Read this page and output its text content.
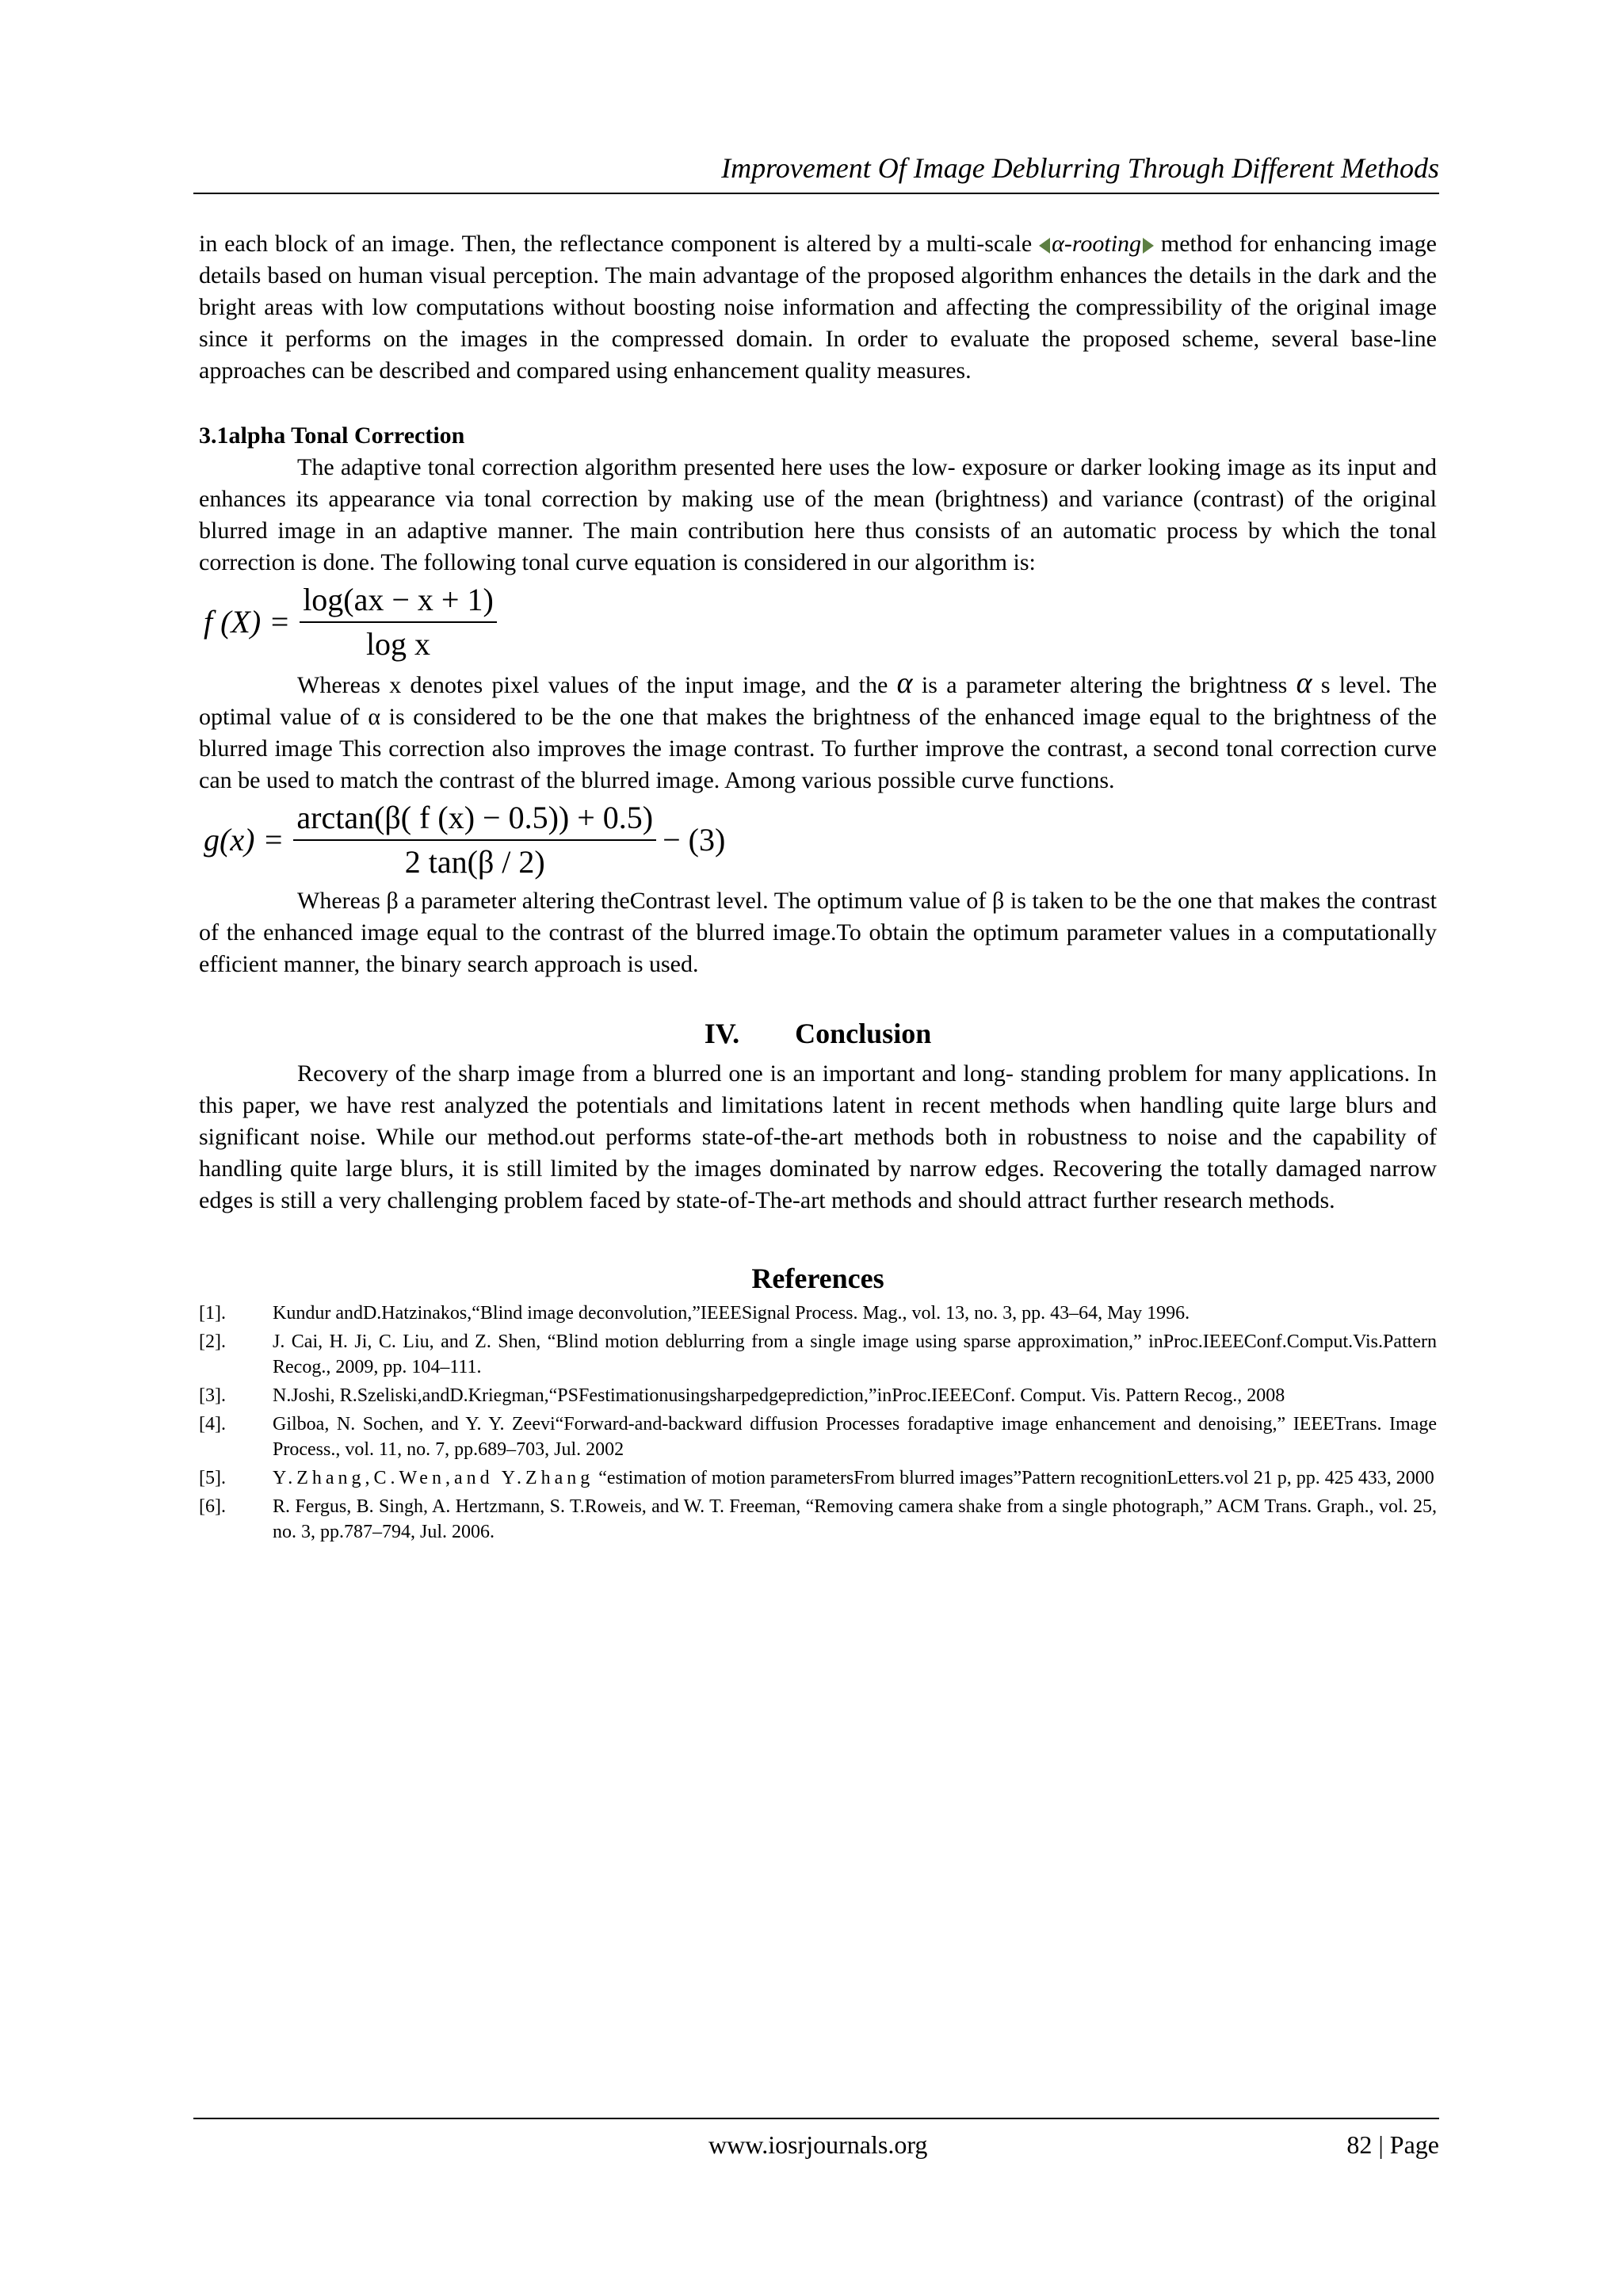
Improvement Of Image Deblurring Through Different Methods

in each block of an image. Then, the reflectance component is altered by a multi-scale α-rooting method for enhancing image details based on human visual perception. The main advantage of the proposed algorithm enhances the details in the dark and the bright areas with low computations without boosting noise information and affecting the compressibility of the original image since it performs on the images in the compressed domain. In order to evaluate the proposed scheme, several base-line approaches can be described and compared using enhancement quality measures.

3.1alpha Tonal Correction

The adaptive tonal correction algorithm presented here uses the low- exposure or darker looking image as its input and enhances its appearance via tonal correction by making use of the mean (brightness) and variance (contrast) of the original blurred image in an adaptive manner. The main contribution here thus consists of an automatic process by which the tonal correction is done. The following tonal curve equation is considered in our algorithm is:

f $(X) = \frac{\log(ax - x + 1)}{\text{log x}}$

Whereas x denotes pixel values of the input image, and the α is a parameter altering the brightness α s level. The optimal value of α is considered to be the one that makes the brightness of the enhanced image equal to the brightness of the blurred image This correction also improves the image contrast. To further improve the contrast, a second tonal correction curve can be used to match the contrast of the blurred image. Among various possible curve functions.

$g(x) = \frac{\arctan(\beta( f (x) - 0.5)) + 0.5)}{2 \tan(\beta / 2)} - (3)$

Whereas β a parameter altering theContrast level. The optimum value of β is taken to be the one that makes the contrast of the enhanced image equal to the contrast of the blurred image.To obtain the optimum parameter values in a computationally efficient manner, the binary search approach is used.

IV. Conclusion

Recovery of the sharp image from a blurred one is an important and long- standing problem for many applications. In this paper, we have rest analyzed the potentials and limitations latent in recent methods when handling quite large blurs and significant noise. While our method.out performs state-of-the-art methods both in robustness to noise and the capability of handling quite large blurs, it is still limited by the images dominated by narrow edges. Recovering the totally damaged narrow edges is still a very challenging problem faced by state-of-The-art methods and should attract further research methods.

References
[1].	Kundur andD.Hatzinakos,“Blind image deconvolution,”IEEESignal Process. Mag., vol. 13, no. 3, pp. 43–64, May 1996.
[2].	J. Cai, H. Ji, C. Liu, and Z. Shen, “Blind motion deblurring from a single image using sparse approximation,” inProc.IEEEConf.Comput.Vis.Pattern Recog., 2009, pp. 104–111.
[3].	N.Joshi, R.Szeliski,andD.Kriegman,“PSFestimationusingsharpedgeprediction,”inProc.IEEEConf. Comput. Vis. Pattern Recog., 2008
[4].	Gilboa, N. Sochen, and Y. Y. Zeevi“Forward-and-backward diffusion Processes foradaptive image enhancement and denoising,” IEEETrans. Image Process., vol. 11, no. 7, pp.689–703, Jul. 2002
[5].	Y.Zhang,C.Wen,and Y.Zhang “estimation of motion parametersFrom blurred images”Pattern recognitionLetters.vol 21 p, pp. 425 433, 2000
[6].	R. Fergus, B. Singh, A. Hertzmann, S. T.Roweis, and W. T. Freeman, “Removing camera shake from a single photograph,” ACM Trans. Graph., vol. 25, no. 3, pp.787–794, Jul. 2006.
www.iosrjournals.org	82 | Page
